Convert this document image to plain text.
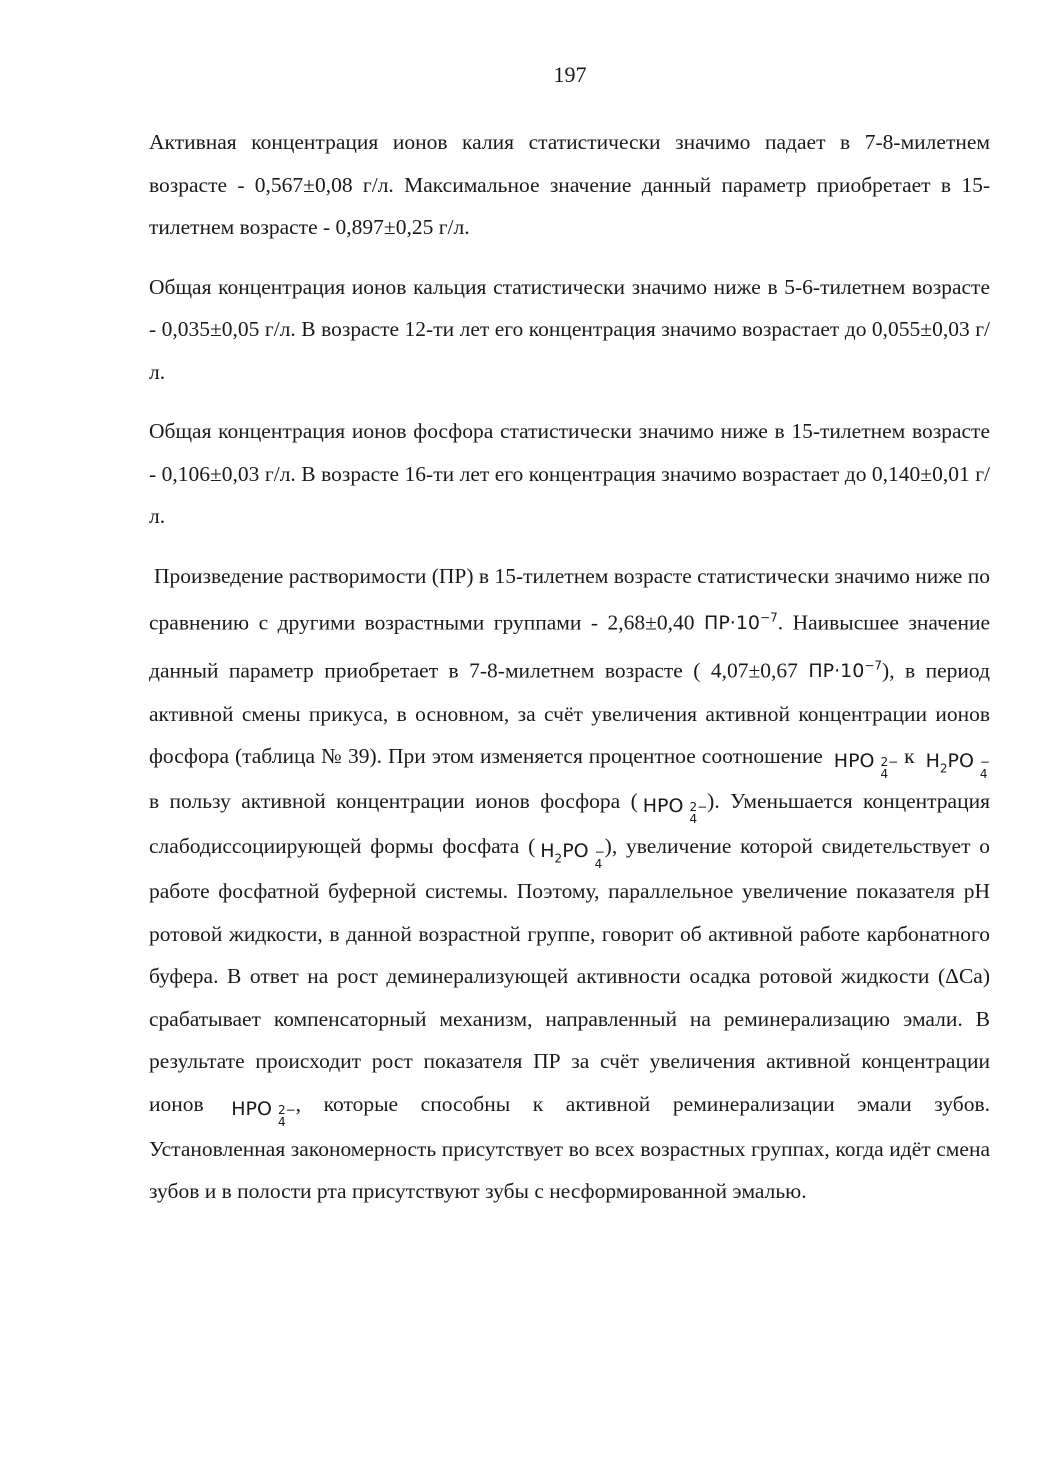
197

Активная концентрация ионов калия статистически значимо падает в 7-8-милетнем возрасте - 0,567±0,08 г/л. Максимальное значение данный параметр приобретает в 15-тилетнем возрасте - 0,897±0,25 г/л.

Общая концентрация ионов кальция статистически значимо ниже в 5-6-тилетнем возрасте - 0,035±0,05 г/л. В возрасте 12-ти лет его концентрация значимо возрастает до 0,055±0,03 г/л.

Общая концентрация ионов фосфора статистически значимо ниже в 15-тилетнем возрасте - 0,106±0,03 г/л. В возрасте 16-ти лет его концентрация значимо возрастает до 0,140±0,01 г/л.

Произведение растворимости (ПР) в 15-тилетнем возрасте статистически значимо ниже по сравнению с другими возрастными группами - 2,68±0,40 $ПР\cdot 10^{-7}$. Наивысшее значение данный параметр приобретает в 7-8-милетнем возрасте ( 4,07±0,67 $ПР\cdot 10^{-7}$), в период активной смены прикуса, в основном, за счёт увеличения активной концентрации ионов фосфора (таблица № 39). При этом изменяется процентное соотношение HPO 2−
4
к $H_2PO$ −
4
в пользу активной концентрации ионов фосфора ( HPO 2−
4
). Уменьшается концентрация слабодиссоциирующей формы фосфата ( $H_2PO$ −
4
), увеличение которой свидетельствует о работе фосфатной буферной системы. Поэтому, параллельное увеличение показателя pH ротовой жидкости, в данной возрастной группе, говорит об активной работе карбонатного буфера. В ответ на рост деминерализующей активности осадка ротовой жидкости (ΔCa) срабатывает компенсаторный механизм, направленный на реминерализацию эмали. В результате происходит рост показателя ПР за счёт увеличения активной концентрации ионов HPO 2−
4
, которые способны к активной реминерализации эмали зубов. Установленная закономерность присутствует во всех возрастных группах, когда идёт смена зубов и в полости рта присутствуют зубы с несформированной эмалью.
